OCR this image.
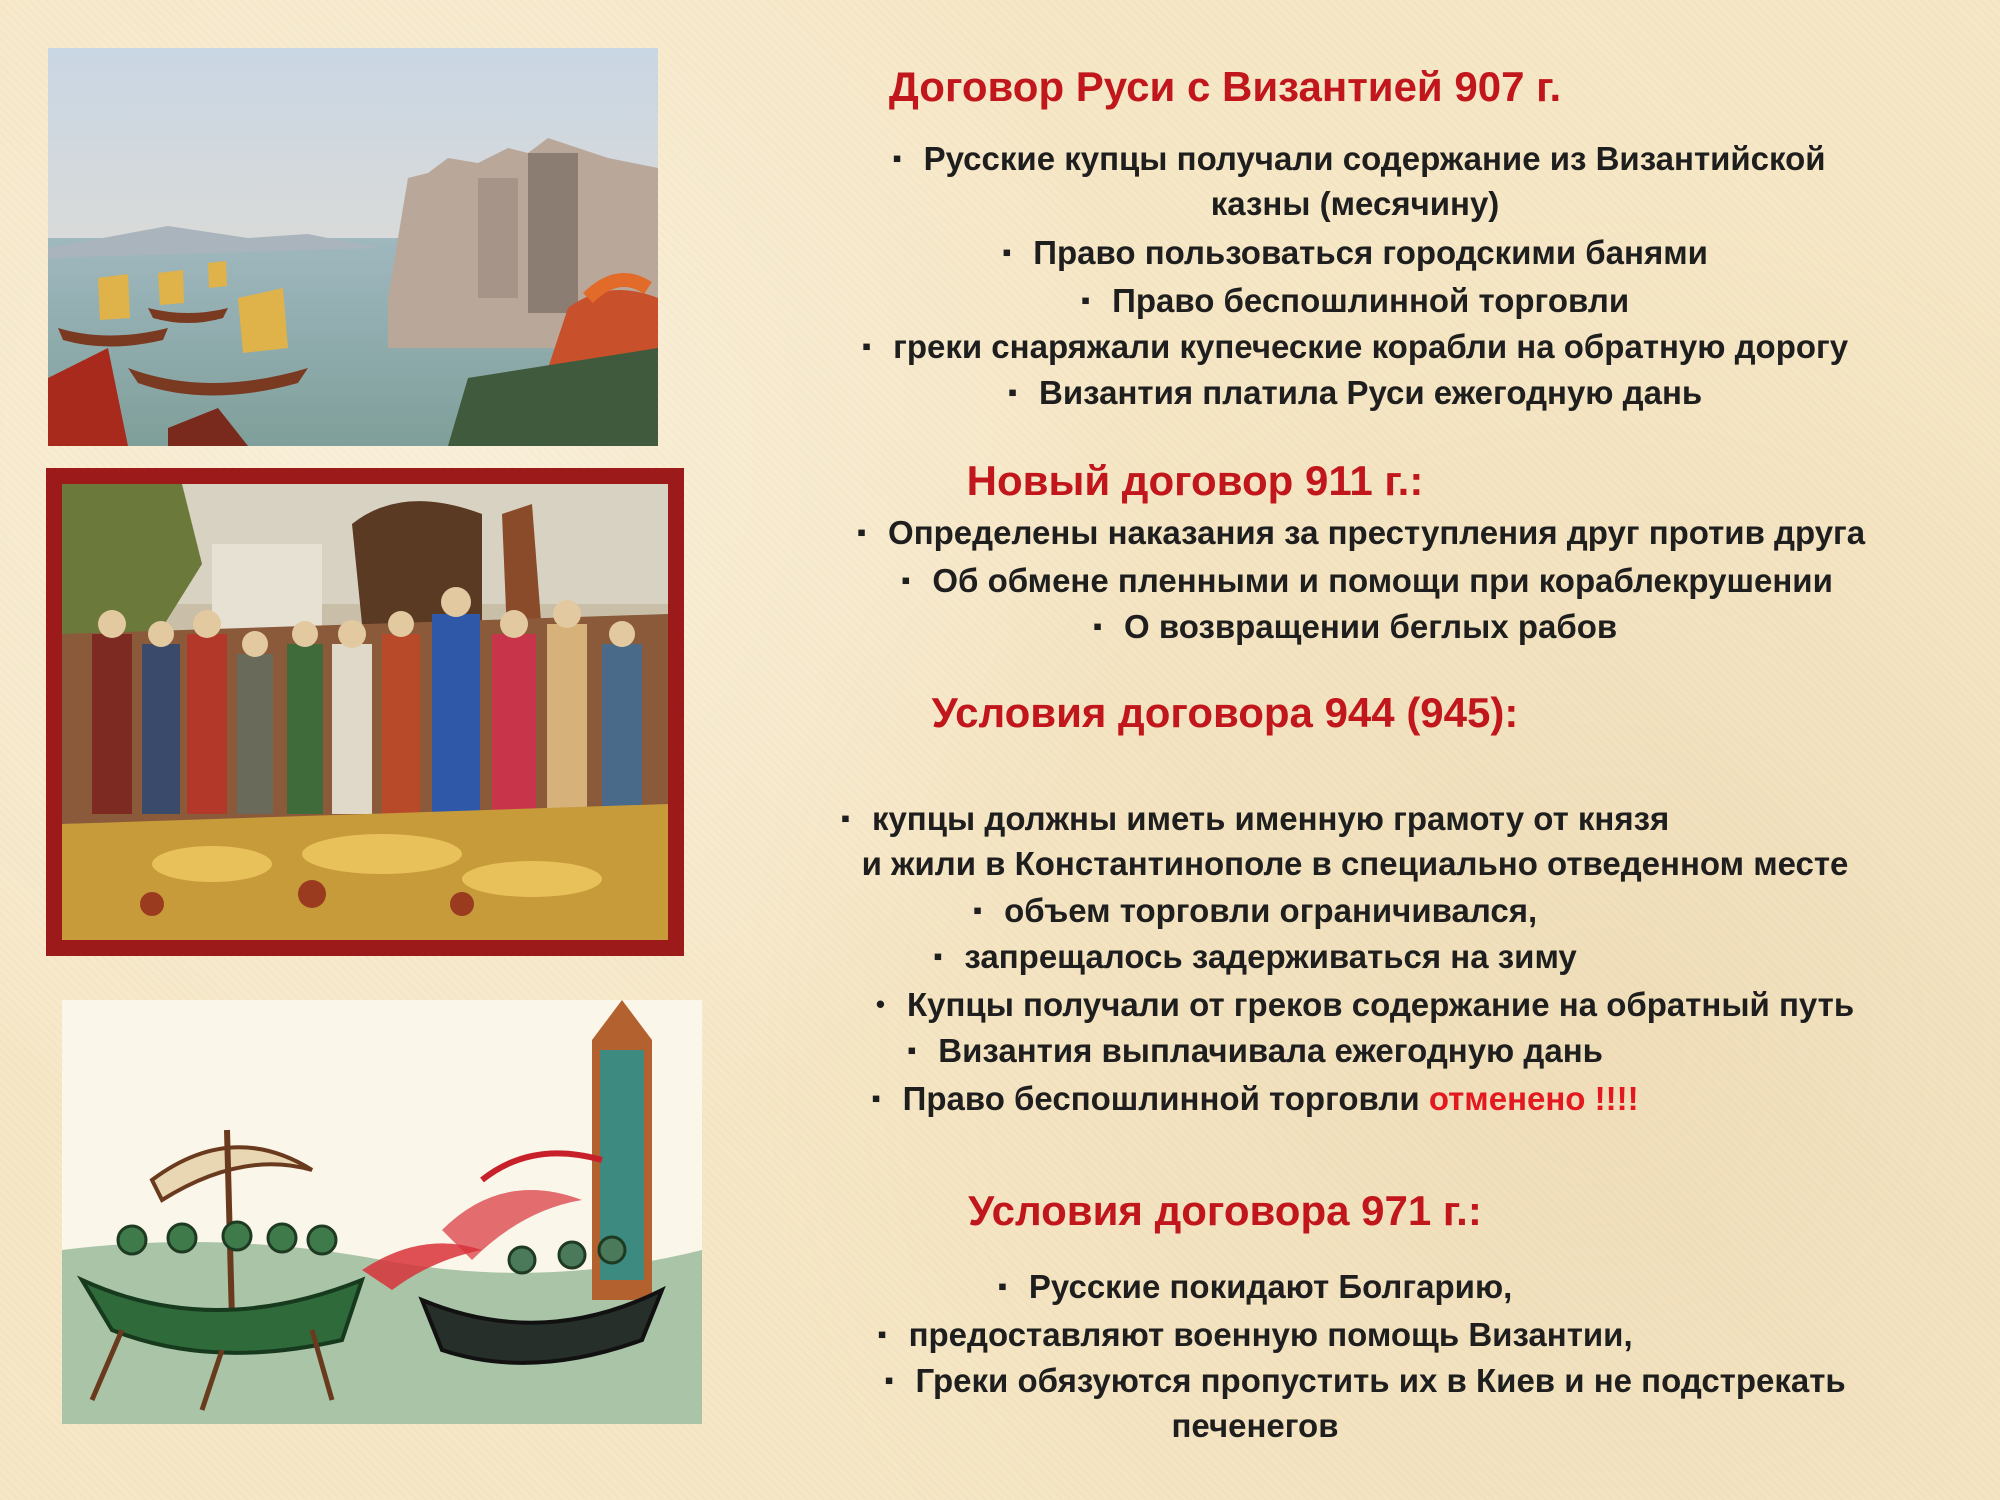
Договор Руси с Византией 907 г.
▪ Русские купцы получали содержание из Византийской
казны (месячину)
▪ Право пользоваться городскими банями
▪ Право беспошлинной торговли
▪ греки снаряжали купеческие корабли на обратную дорогу
▪ Византия платила Руси ежегодную дань
Новый договор 911 г.:
▪ Определены наказания за преступления друг против друга
▪ Об обмене пленными и помощи при кораблекрушении
▪ О возвращении беглых рабов
Условия договора 944 (945):
▪ купцы должны иметь именную грамоту от князя
и жили в Константинополе в специально отведенном месте
▪ объем торговли ограничивался,
▪ запрещалось задерживаться на зиму
• Купцы получали от греков содержание на обратный путь
▪ Византия выплачивала ежегодную дань
▪ Право беспошлинной торговли отменено !!!!
Условия договора 971 г.:
▪ Русские покидают Болгарию,
▪ предоставляют военную помощь Византии,
▪ Греки обязуются пропустить их в Киев и не подстрекать
печенегов
